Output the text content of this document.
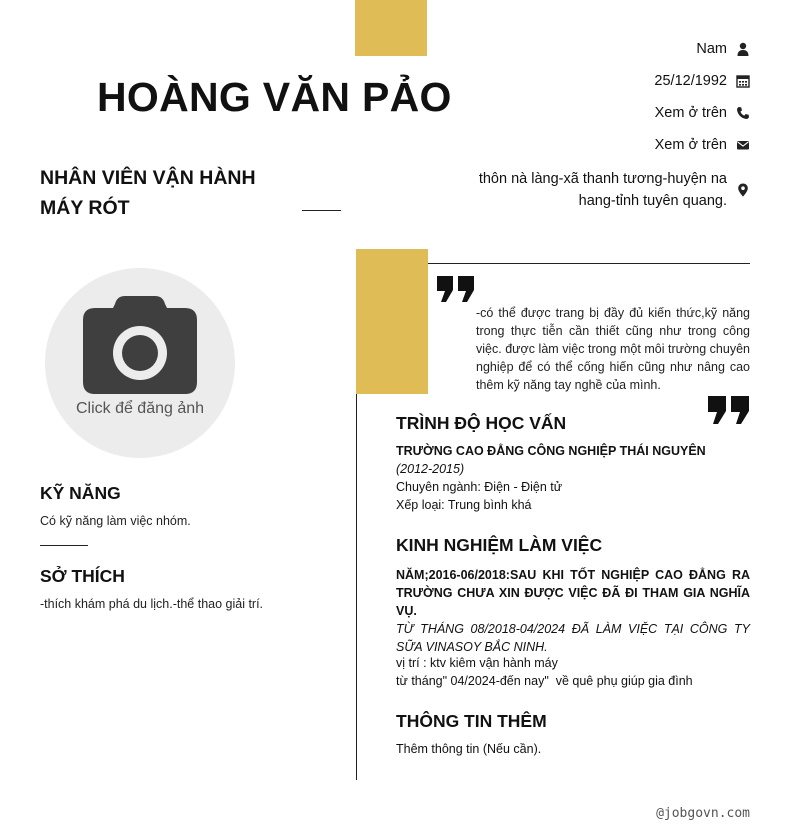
HOÀNG VĂN PẢO
NHÂN VIÊN VẬN HÀNH MÁY RÓT
Nam
25/12/1992
Xem ở trên
Xem ở trên
thôn nà làng-xã thanh tương-huyện na hang-tỉnh tuyên quang.
Click để đăng ảnh
KỸ NĂNG
Có kỹ năng làm việc nhóm.
SỞ THÍCH
-thích khám phá du lịch.-thể thao giải trí.
-có thể được trang bị đầy đủ kiến thức,kỹ năng trong thực tiễn cần thiết cũng như trong công việc. được làm việc trong một môi trường chuyên nghiệp để có thể cống hiến cũng như nâng cao thêm kỹ năng tay nghề của mình.
TRÌNH ĐỘ HỌC VẤN
TRƯỜNG CAO ĐẲNG CÔNG NGHIỆP THÁI NGUYÊN
(2012-2015)
Chuyên ngành: Điện - Điện tử
Xếp loại: Trung bình khá
KINH NGHIỆM LÀM VIỆC
NĂM;2016-06/2018:SAU KHI TỐT NGHIỆP CAO ĐẲNG RA TRƯỜNG CHƯA XIN ĐƯỢC VIỆC ĐÃ ĐI THAM GIA NGHĨA VỤ.
TỪ THÁNG 08/2018-04/2024 ĐÃ LÀM VIỆC TẠI CÔNG TY SỮA VINASOY BẮC NINH.
vị trí : ktv kiêm vận hành máy
từ tháng" 04/2024-đến nay"  về quê phụ giúp gia đình
THÔNG TIN THÊM
Thêm thông tin (Nếu cần).
@jobgovn.com
